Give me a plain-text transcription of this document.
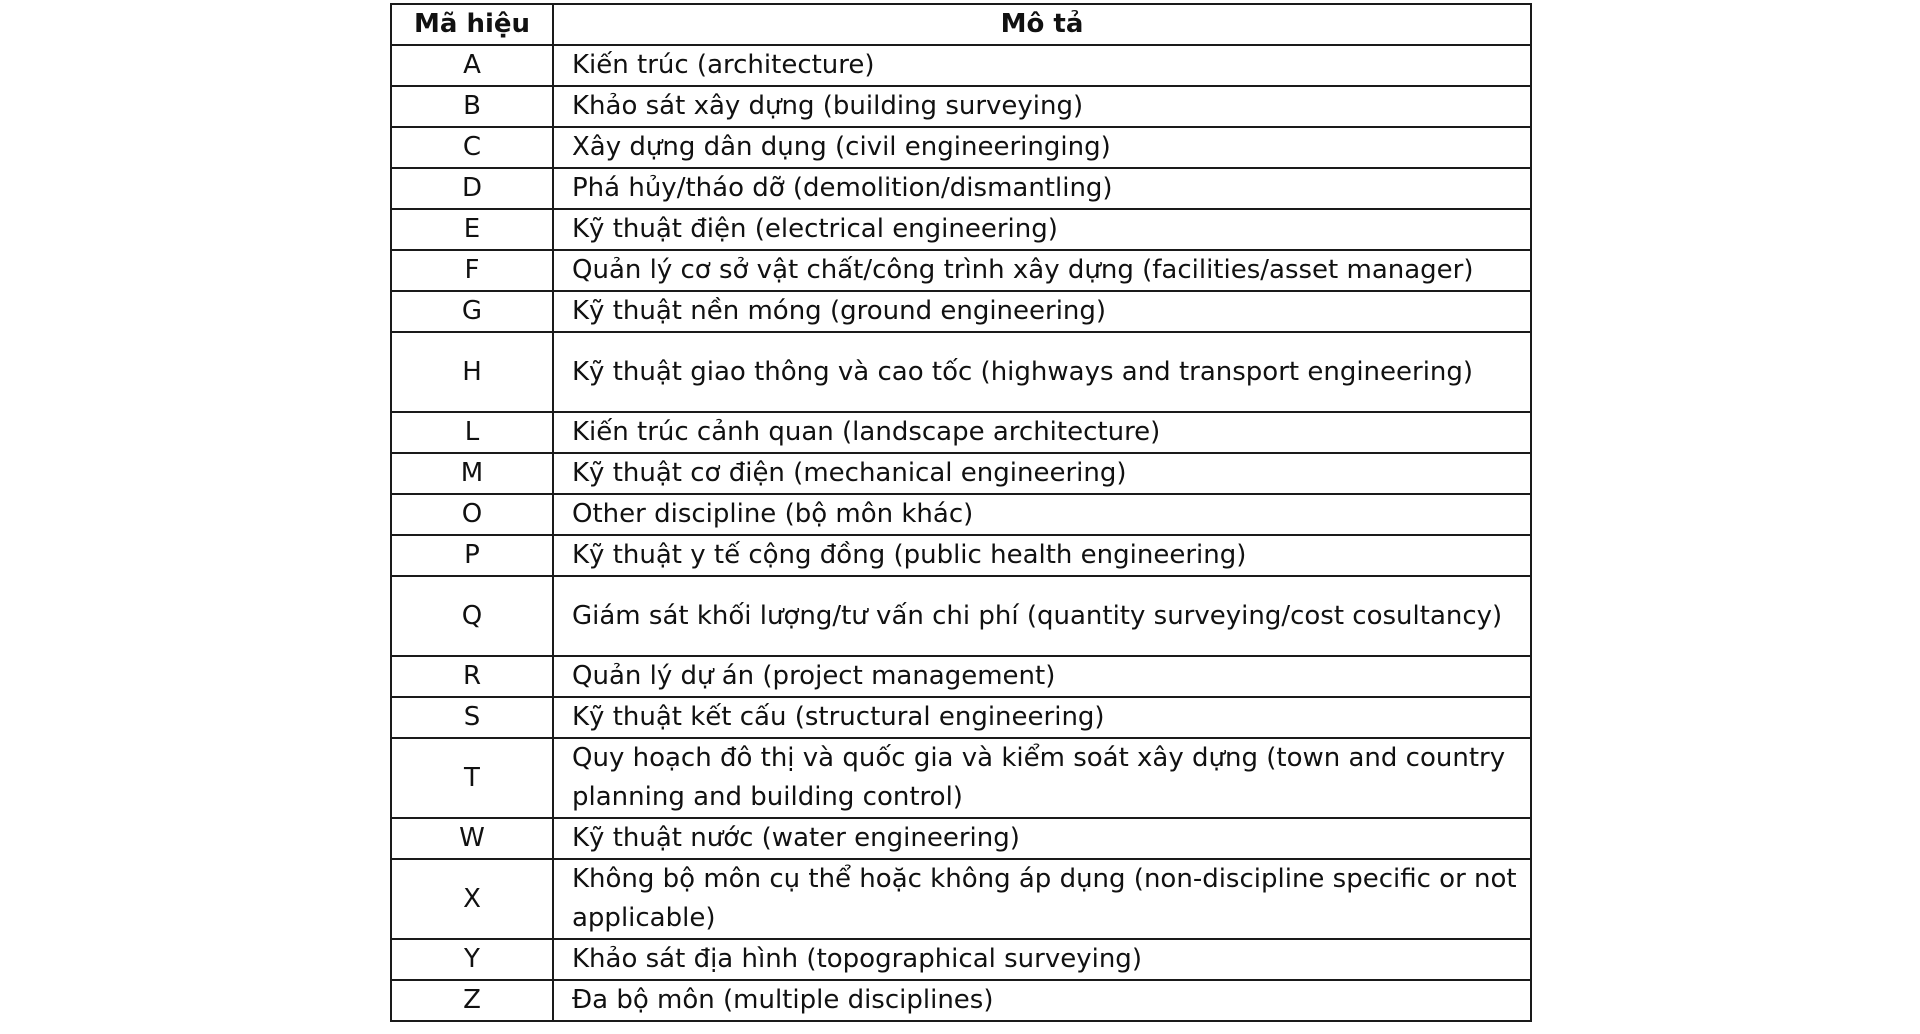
Mã hiệu	Mô tả
A	Kiến trúc (architecture)
B	Khảo sát xây dựng (building surveying)
C	Xây dựng dân dụng (civil engineeringing)
D	Phá hủy/tháo dỡ (demolition/dismantling)
E	Kỹ thuật điện (electrical engineering)
F	Quản lý cơ sở vật chất/công trình xây dựng (facilities/asset manager)
G	Kỹ thuật nền móng (ground engineering)
H	Kỹ thuật giao thông và cao tốc (highways and transport engineering)
L	Kiến trúc cảnh quan (landscape architecture)
M	Kỹ thuật cơ điện (mechanical engineering)
O	Other discipline (bộ môn khác)
P	Kỹ thuật y tế cộng đồng (public health engineering)
Q	Giám sát khối lượng/tư vấn chi phí (quantity surveying/cost cosultancy)
R	Quản lý dự án (project management)
S	Kỹ thuật kết cấu (structural engineering)
T	Quy hoạch đô thị và quốc gia và kiểm soát xây dựng (town and country planning and building control)
W	Kỹ thuật nước (water engineering)
X	Không bộ môn cụ thể hoặc không áp dụng (non-discipline specific or not applicable)
Y	Khảo sát địa hình (topographical surveying)
Z	Đa bộ môn (multiple disciplines)
